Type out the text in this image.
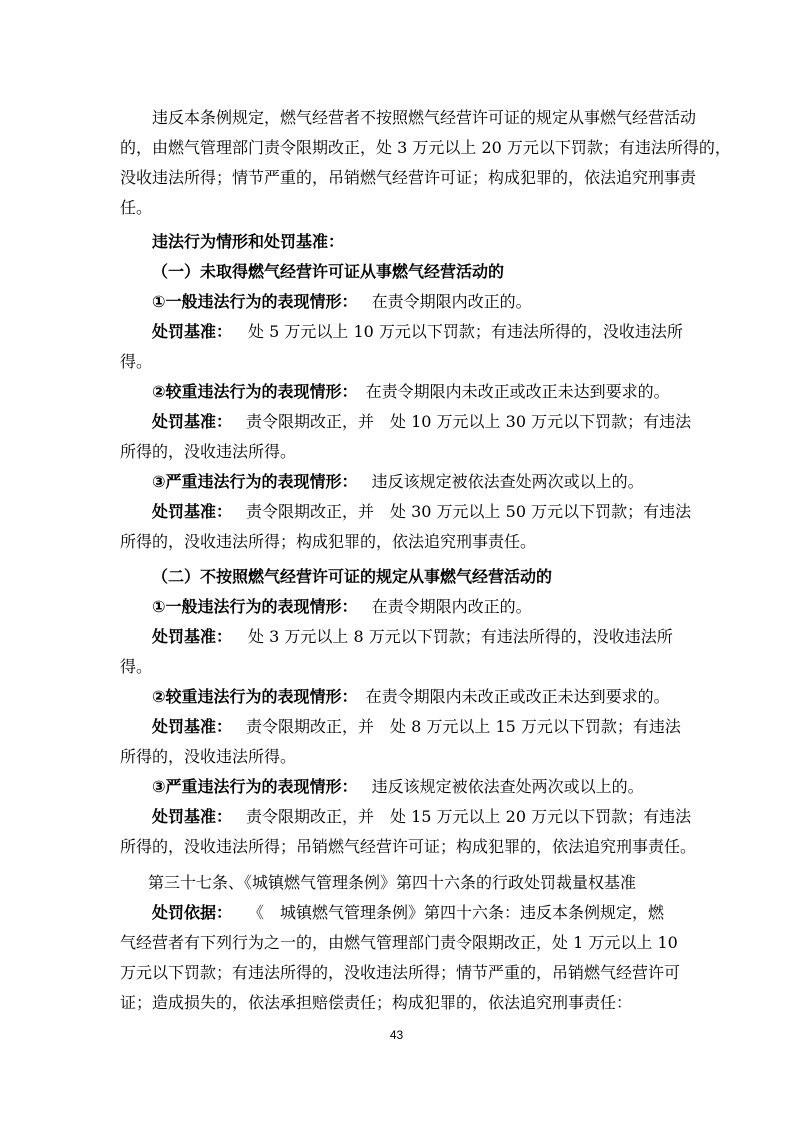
违反本条例规定，燃气经营者不按照燃气经营许可证的规定从事燃气经营活动
的，由燃气管理部门责令限期改正，处 3 万元以上 20 万元以下罚款；有违法所得的，
没收违法所得；情节严重的，吊销燃气经营许可证；构成犯罪的，依法追究刑事责
任。
违法行为情形和处罚基准：
（一）未取得燃气经营许可证从事燃气经营活动的
①一般违法行为的表现情形： 在责令期限内改正的。
处罚基准： 处 5 万元以上 10 万元以下罚款；有违法所得的，没收违法所
得。
②较重违法行为的表现情形： 在责令期限内未改正或改正未达到要求的。
处罚基准： 责令限期改正，并　处 10 万元以上 30 万元以下罚款；有违法
所得的，没收违法所得。
③严重违法行为的表现情形： 违反该规定被依法查处两次或以上的。
处罚基准： 责令限期改正，并　处 30 万元以上 50 万元以下罚款；有违法
所得的，没收违法所得；构成犯罪的，依法追究刑事责任。
（二）不按照燃气经营许可证的规定从事燃气经营活动的
①一般违法行为的表现情形： 在责令期限内改正的。
处罚基准： 处 3 万元以上 8 万元以下罚款；有违法所得的，没收违法所
得。
②较重违法行为的表现情形： 在责令期限内未改正或改正未达到要求的。
处罚基准： 责令限期改正，并　处 8 万元以上 15 万元以下罚款；有违法
所得的，没收违法所得。
③严重违法行为的表现情形： 违反该规定被依法查处两次或以上的。
处罚基准： 责令限期改正，并　处 15 万元以上 20 万元以下罚款；有违法
所得的，没收违法所得；吊销燃气经营许可证；构成犯罪的，依法追究刑事责任。
第三十七条、《城镇燃气管理条例》第四十六条的行政处罚裁量权基准
处罚依据： 《　城镇燃气管理条例》第四十六条：违反本条例规定，燃
气经营者有下列行为之一的，由燃气管理部门责令限期改正，处 1 万元以上 10
万元以下罚款；有违法所得的，没收违法所得；情节严重的，吊销燃气经营许可
证；造成损失的，依法承担赔偿责任；构成犯罪的，依法追究刑事责任：
43
